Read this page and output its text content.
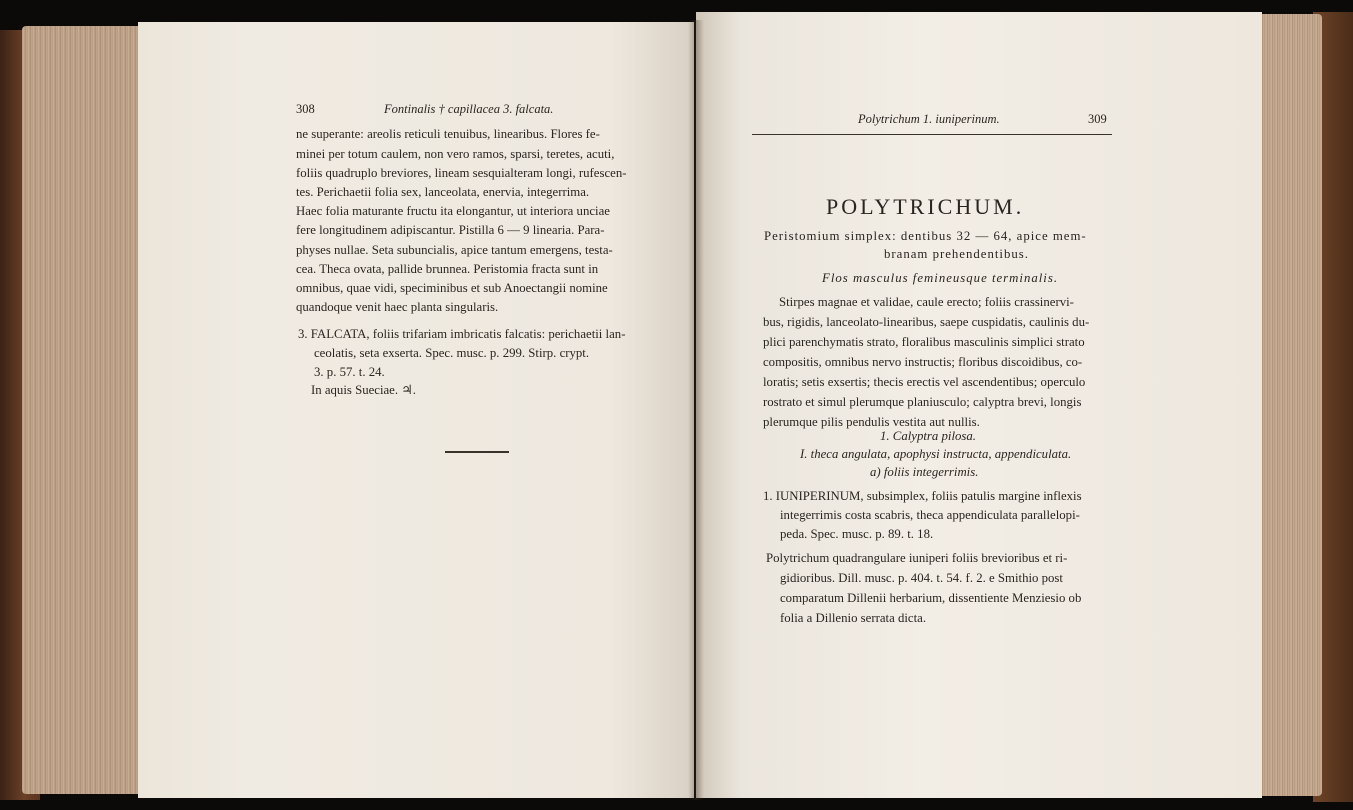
308	Fontinalis † capillacea 3. falcata.
ne superante: areolis reticuli tenuibus, linearibus. Flores fe-
minei per totum caulem, non vero ramos, sparsi, teretes, acuti,
foliis quadruplo breviores, lineam sesquialteram longi, rufescen-
tes. Perichaetii folia sex, lanceolata, enervia, integerrima.
Haec folia maturante fructu ita elongantur, ut interiora unciae
fere longitudinem adipiscantur. Pistilla 6 — 9 linearia. Para-
physes nullae. Seta subuncialis, apice tantum emergens, testa-
cea. Theca ovata, pallide brunnea. Peristomia fracta sunt in
omnibus, quae vidi, speciminibus et sub Anoectangii nomine
quandoque venit haec planta singularis.
3. FALCATA, foliis trifariam imbricatis falcatis: perichaetii lan-
ceolatis, seta exserta. Spec. musc. p. 299. Stirp. crypt.
3. p. 57. t. 24.
In aquis Sueciae. ♃.
Polytrichum 1. iuniperinum.	309
POLYTRICHUM.
Peristomium simplex: dentibus 32 — 64, apice mem-
branam prehendentibus.
Flos masculus femineusque terminalis.
Stirpes magnae et validae, caule erecto; foliis crassinervi-
bus, rigidis, lanceolato-linearibus, saepe cuspidatis, caulinis du-
plici parenchymatis strato, floralibus masculinis simplici strato
compositis, omnibus nervo instructis; floribus discoidibus, co-
loratis; setis exsertis; thecis erectis vel ascendentibus; operculo
rostrato et simul plerumque planiusculo; calyptra brevi, longis
plerumque pilis pendulis vestita aut nullis.
1. Calyptra pilosa.
I. theca angulata, apophysi instructa, appendiculata.
a) foliis integerrimis.
1. IUNIPERINUM, subsimplex, foliis patulis margine inflexis
integerrimis costa scabris, theca appendiculata parallelopi-
peda. Spec. musc. p. 89. t. 18.
Polytrichum quadrangulare iuniperi foliis brevioribus et ri-
gidioribus. Dill. musc. p. 404. t. 54. f. 2. e Smithio post
comparatum Dillenii herbarium, dissentiente Menziesio ob
folia a Dillenio serrata dicta.
